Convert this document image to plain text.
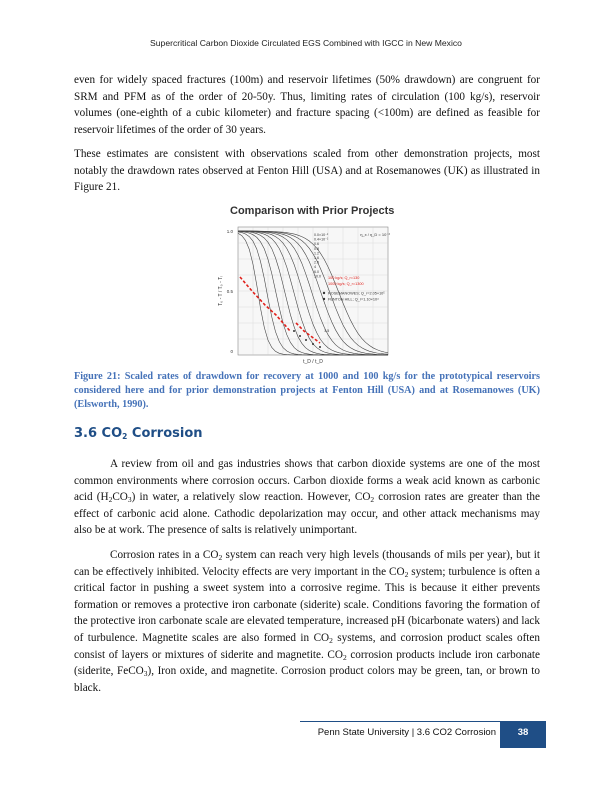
Supercritical Carbon Dioxide Circulated EGS Combined with IGCC in New Mexico

even for widely spaced fractures (100m) and reservoir lifetimes (50% drawdown) are congruent for SRM and PFM as of the order of 20-50y. Thus, limiting rates of circulation (100 kg/s), reservoir volumes (one-eighth of a cubic kilometer) and fracture spacing (<100m) are defined as feasible for reservoir lifetimes of the order of 30 years.

These estimates are consistent with observations scaled from other demonstration projects, most notably the drawdown rates observed at Fenton Hill (USA) and at Rosemanowes (UK) as illustrated in Figure 21.

1.0
0.5
0
T₀ - T / T₀ - Tᵢ
t_D / t_D
η_x / η_D = 10⁻³
0.0×10⁻²
0.4×10⁻²
0.6
0.8
1.2
1.6
2.5
4
6.0
10.0 100 kg/s; Q_r=130
1000 kg/s; Q_r=1300
ROSEMANOWES; Q_r=2.05×10⁵
FENTON HILL; Q_r=1.10×10⁴
1.5
Comparison with Prior Projects

Figure 21: Scaled rates of drawdown for recovery at 1000 and 100 kg/s for the prototypical reservoirs considered here and for prior demonstration projects at Fenton Hill (USA) and at Rosemanowes (UK) (Elsworth, 1990).

3.6 $CO_2$ Corrosion

A review from oil and gas industries shows that carbon dioxide systems are one of the most common environments where corrosion occurs. Carbon dioxide forms a weak acid known as carbonic acid $(H_2CO_3)$ in water, a relatively slow reaction. However, $CO_2$ corrosion rates are greater than the effect of carbonic acid alone. Cathodic depolarization may occur, and other attack mechanisms may also be at work. The presence of salts is relatively unimportant.

Corrosion rates in a $CO_2$ system can reach very high levels (thousands of mils per year), but it can be effectively inhibited. Velocity effects are very important in the $CO_2$ system; turbulence is often a critical factor in pushing a sweet system into a corrosive regime. This is because it either prevents formation or removes a protective iron carbonate (siderite) scale. Conditions favoring the formation of the protective iron carbonate scale are elevated temperature, increased pH (bicarbonate waters) and lack of turbulence. Magnetite scales are also formed in $CO_2$ systems, and corrosion product scales often consist of layers or mixtures of siderite and magnetite. $CO_2$ corrosion products include iron carbonate (siderite, FeCO$_3$), Iron oxide, and magnetite. Corrosion product colors may be green, tan, or brown to black.

Penn State University | 3.6 CO2 Corrosion	38
